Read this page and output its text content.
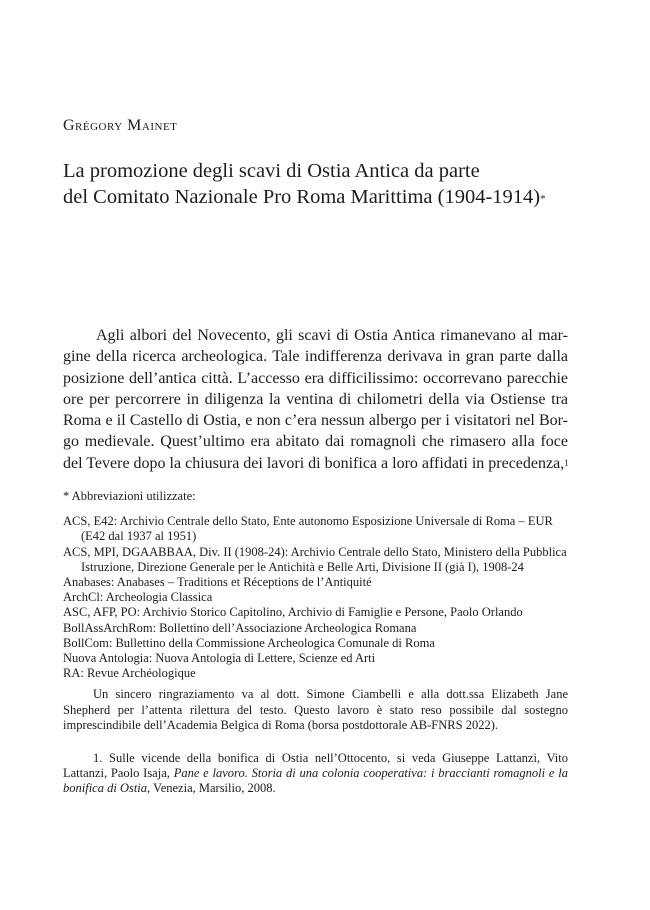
Grégory Mainet
La promozione degli scavi di Ostia Antica da parte
del Comitato Nazionale Pro Roma Marittima (1904-1914)*
Agli albori del Novecento, gli scavi di Ostia Antica rimanevano al mar-
gine della ricerca archeologica. Tale indifferenza derivava in gran parte dalla
posizione dell’antica città. L’accesso era difficilissimo: occorrevano parecchie
ore per percorrere in diligenza la ventina di chilometri della via Ostiense tra
Roma e il Castello di Ostia, e non c’era nessun albergo per i visitatori nel Bor-
go medievale. Quest’ultimo era abitato dai romagnoli che rimasero alla foce
del Tevere dopo la chiusura dei lavori di bonifica a loro affidati in precedenza,$^1$

* Abbreviazioni utilizzate:

ACS, E42: Archivio Centrale dello Stato, Ente autonomo Esposizione Universale di Roma – EUR (E42 dal 1937 al 1951)
ACS, MPI, DGAABBAA, Div. II (1908-24): Archivio Centrale dello Stato, Ministero della Pubblica Istruzione, Direzione Generale per le Antichità e Belle Arti, Divisione II (già I), 1908-24
Anabases: Anabases – Traditions et Réceptions de l’Antiquité
ArchCl: Archeologia Classica
ASC, AFP, PO: Archivio Storico Capitolino, Archivio di Famiglie e Persone, Paolo Orlando
BollAssArchRom: Bollettino dell’Associazione Archeologica Romana
BollCom: Bullettino della Commissione Archeologica Comunale di Roma
Nuova Antologia: Nuova Antologia di Lettere, Scienze ed Arti
RA: Revue Archéologique

Un sincero ringraziamento va al dott. Simone Ciambelli e alla dott.ssa Elizabeth Jane Shepherd per l’attenta rilettura del testo. Questo lavoro è stato reso possibile dal sostegno imprescindibile dell’Academia Belgica di Roma (borsa postdottorale AB-FNRS 2022).

1. Sulle vicende della bonifica di Ostia nell’Ottocento, si veda Giuseppe Lattanzi, Vito Lattanzi, Paolo Isaja, Pane e lavoro. Storia di una colonia cooperativa: i braccianti romagnoli e la bonifica di Ostia, Venezia, Marsilio, 2008.
